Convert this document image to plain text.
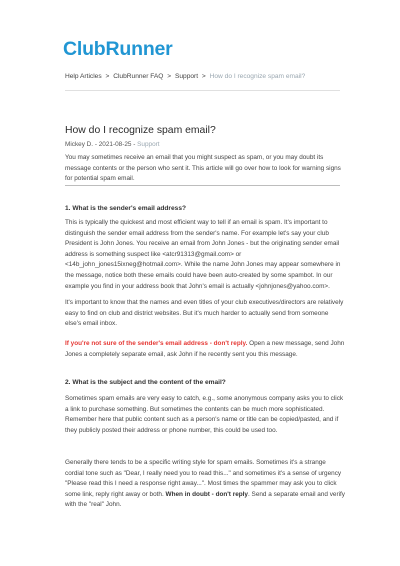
ClubRunner
Help Articles > ClubRunner FAQ > Support > How do I recognize spam email?
How do I recognize spam email?
Mickey D. - 2021-08-25 - Support
You may sometimes receive an email that you might suspect as spam, or you may doubt its message contents or the person who sent it. This article will go over how to look for warning signs for potential spam email.
1. What is the sender's email address?
This is typically the quickest and most efficient way to tell if an email is spam. It's important to distinguish the sender email address from the sender's name. For example let's say your club President is John Jones. You receive an email from John Jones - but the originating sender email address is something suspect like <atcr91313@gmail.com> or <14b_john_jones15ixneg@hotmail.com>. While the name John Jones may appear somewhere in the message, notice both these emails could have been auto-created by some spambot. In our example you find in your address book that John's email is actually <johnjones@yahoo.com>.
It's important to know that the names and even titles of your club executives/directors are relatively easy to find on club and district websites. But it's much harder to actually send from someone else's email inbox.
If you're not sure of the sender's email address - don't reply. Open a new message, send John Jones a completely separate email, ask John if he recently sent you this message.
2. What is the subject and the content of the email?
Sometimes spam emails are very easy to catch, e.g., some anonymous company asks you to click a link to purchase something. But sometimes the contents can be much more sophisticated. Remember here that public content such as a person's name or title can be copied/pasted, and if they publicly posted their address or phone number, this could be used too.
Generally there tends to be a specific writing style for spam emails. Sometimes it's a strange cordial tone such as "Dear, I really need you to read this..." and sometimes it's a sense of urgency "Please read this I need a response right away...". Most times the spammer may ask you to click some link, reply right away or both. When in doubt - don't reply. Send a separate email and verify with the "real" John.
